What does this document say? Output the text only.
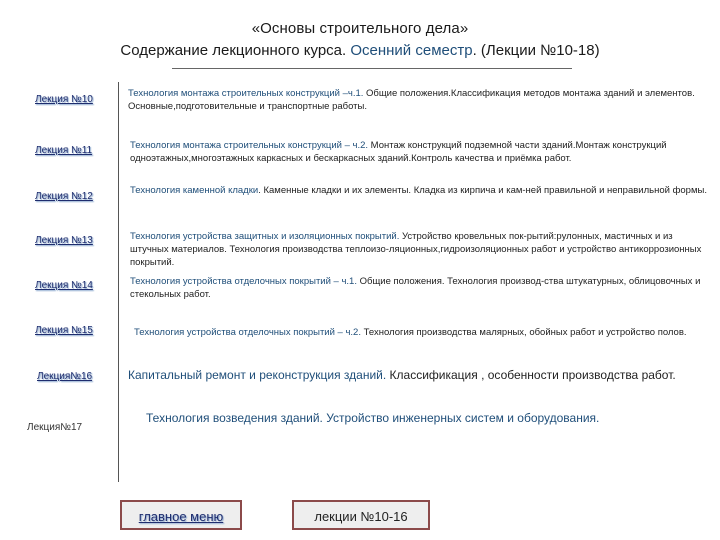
«Основы строительного дела»
Содержание лекционного курса. Осенний семестр. (Лекции №10-18)
Лекция №10
Лекция №11
Лекция №12
Лекция №13
Лекция №14
Лекция №15
Лекция№16
Лекция№17
Технология монтажа строительных конструкций –ч.1. Общие положения.Классификация методов монтажа зданий и элементов. Основные,подготовительные и транспортные работы.
Технология монтажа строительных конструкций – ч.2. Монтаж конструкций подземной части зданий.Монтаж конструкций одноэтажных,многоэтажных каркасных и бескаркасных зданий.Контроль качества и приёмка работ.
Технология каменной кладки. Каменные кладки и их элементы. Кладка из кирпича и кам-ней правильной и неправильной формы.
Технология устройства защитных и изоляционных покрытий. Устройство кровельных пок-рытий:рулонных, мастичных и из штучных материалов. Технология производства теплоизо-ляционных,гидроизоляционных работ и устройство антикоррозионных покрытий.
Технология устройства отделочных покрытий – ч.1. Общие положения. Технология производ-ства штукатурных, облицовочных и стекольных работ.
Технология устройства отделочных покрытий – ч.2. Технология производства малярных, обойных работ и устройство полов.
Капитальный ремонт и реконструкция зданий. Классификация , особенности производства работ.
Технология возведения зданий. Устройство инженерных систем и оборудования.
главное меню	лекции №10-16
